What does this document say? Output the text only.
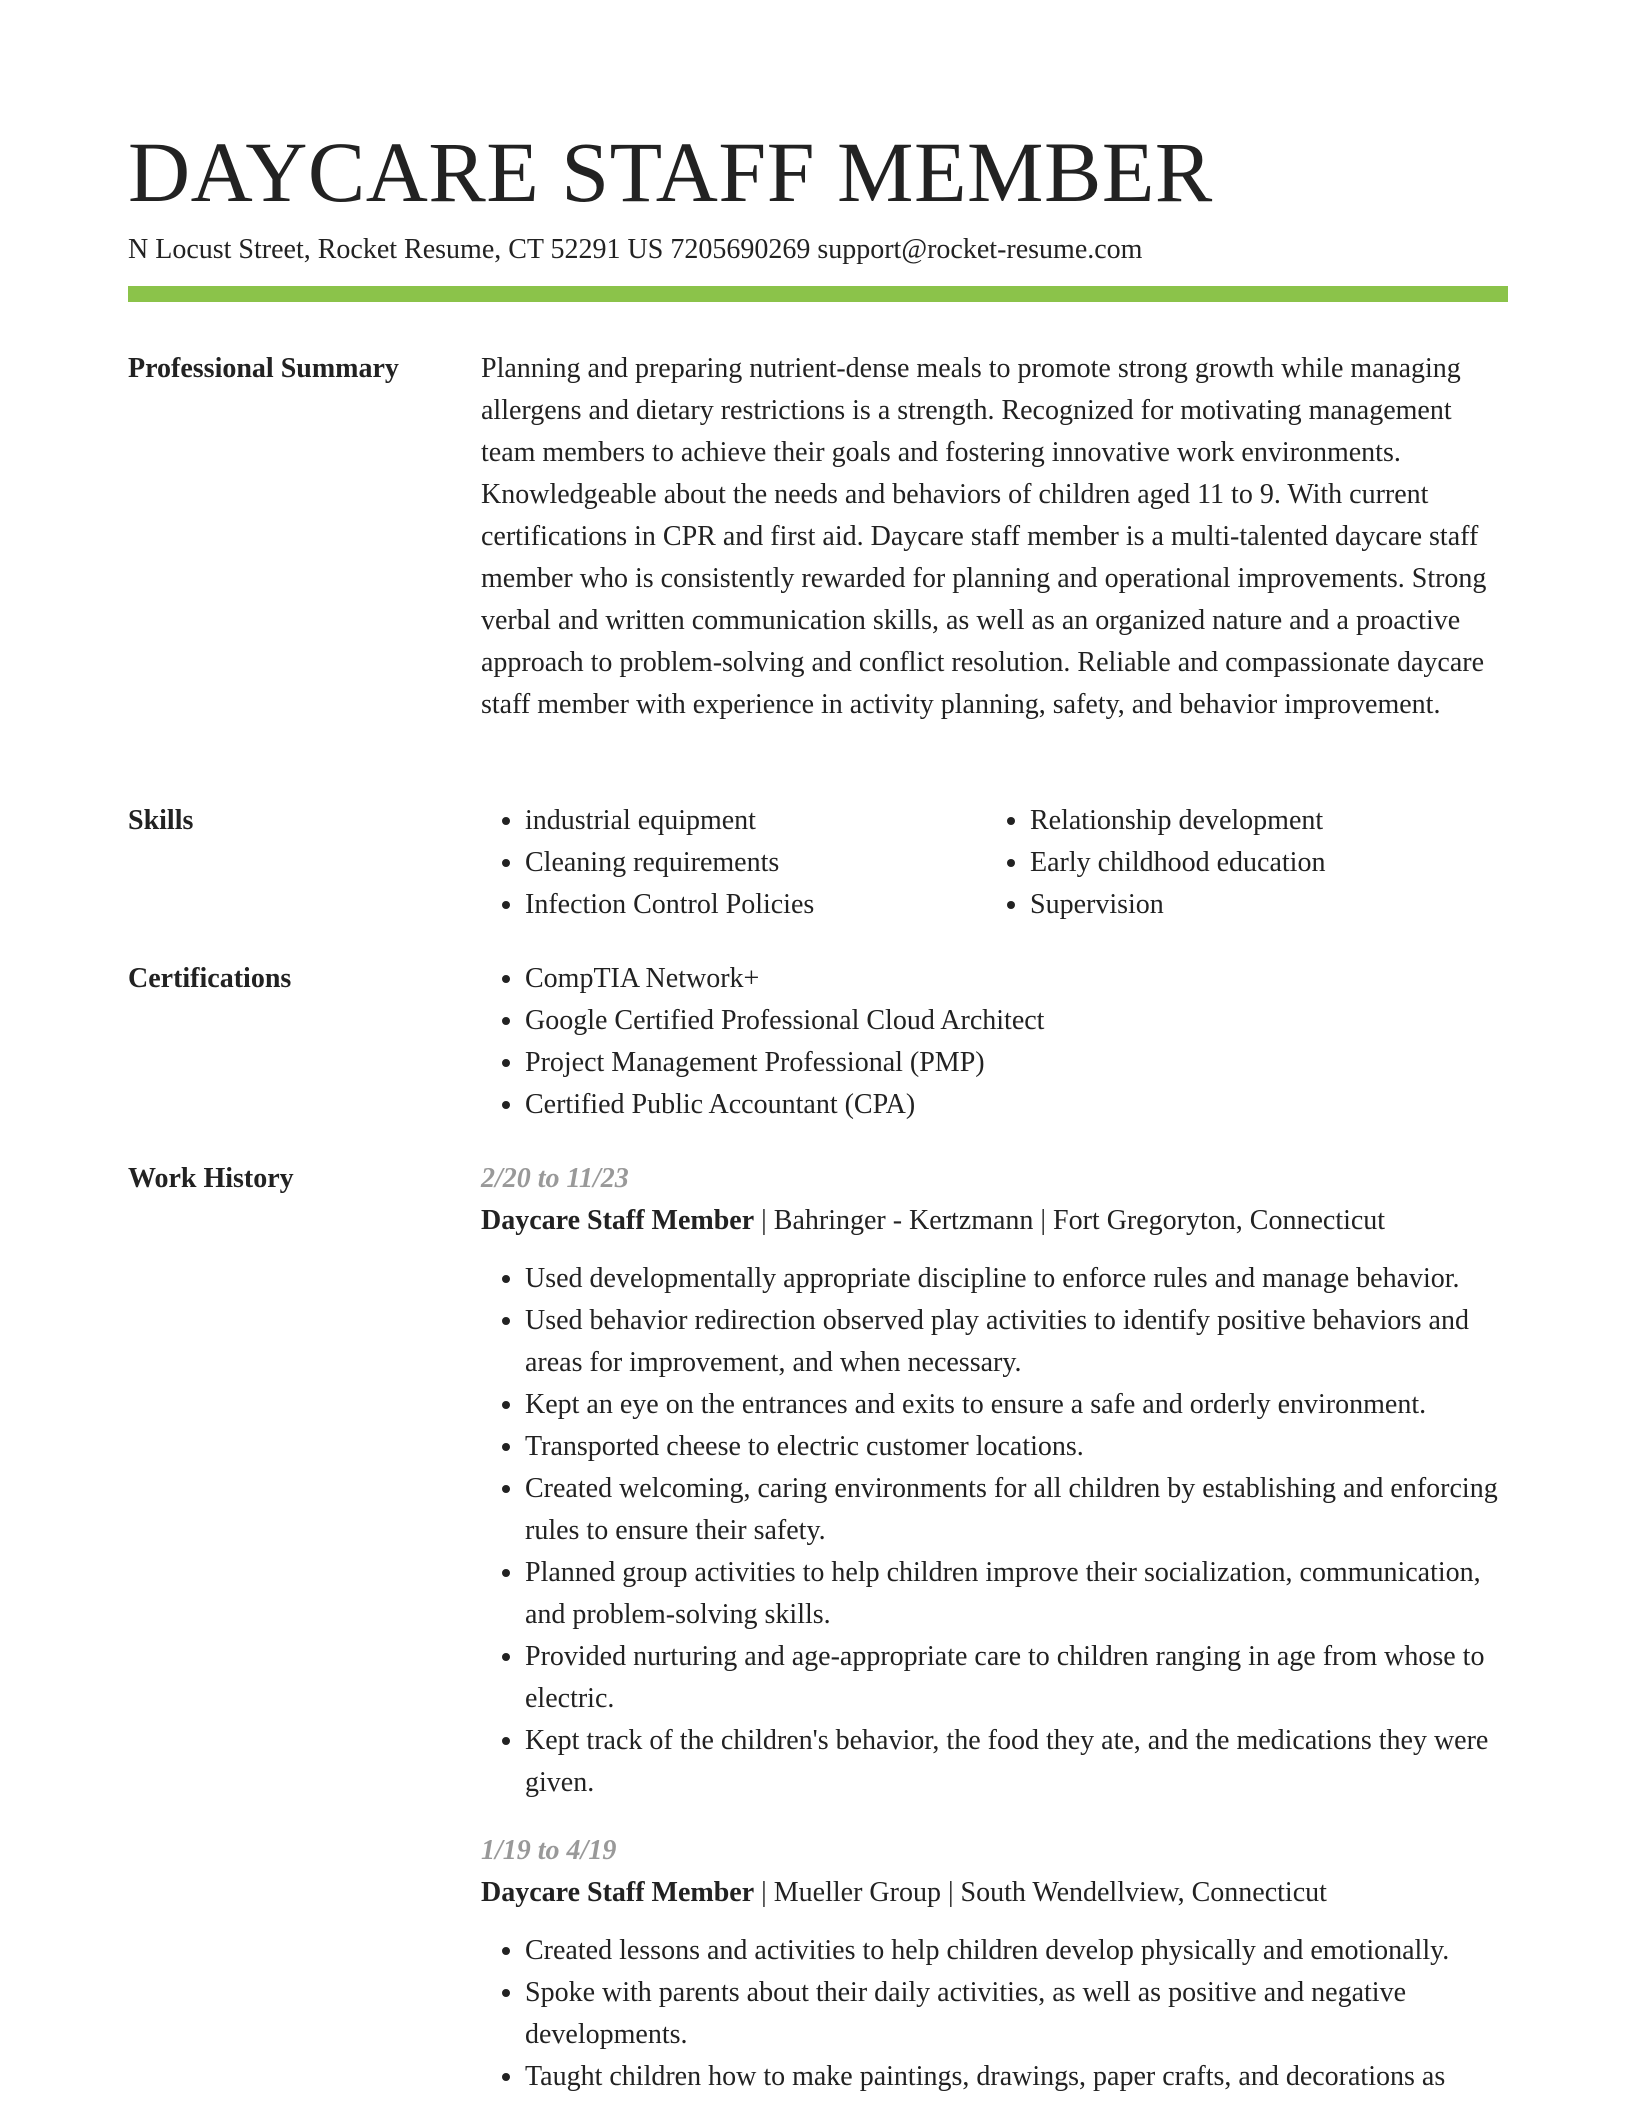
DAYCARE STAFF MEMBER
N Locust Street, Rocket Resume, CT 52291 US 7205690269 support@rocket-resume.com
Professional Summary	Planning and preparing nutrient-dense meals to promote strong growth while managing allergens and dietary restrictions is a strength. Recognized for motivating management team members to achieve their goals and fostering innovative work environments. Knowledgeable about the needs and behaviors of children aged 11 to 9. With current certifications in CPR and first aid. Daycare staff member is a multi-talented daycare staff member who is consistently rewarded for planning and operational improvements. Strong verbal and written communication skills, as well as an organized nature and a proactive approach to problem-solving and conflict resolution. Reliable and compassionate daycare staff member with experience in activity planning, safety, and behavior improvement.

Skills	• industrial equipment
• Cleaning requirements
• Infection Control Policies
• Relationship development
• Early childhood education
• Supervision
Certifications	• CompTIA Network+
• Google Certified Professional Cloud Architect
• Project Management Professional (PMP)
• Certified Public Accountant (CPA)
Work History	2/20 to 11/23
Daycare Staff Member | Bahringer - Kertzmann | Fort Gregoryton, Connecticut
• Used developmentally appropriate discipline to enforce rules and manage behavior.
• Used behavior redirection observed play activities to identify positive behaviors and areas for improvement, and when necessary.
• Kept an eye on the entrances and exits to ensure a safe and orderly environment.
• Transported cheese to electric customer locations.
• Created welcoming, caring environments for all children by establishing and enforcing rules to ensure their safety.
• Planned group activities to help children improve their socialization, communication, and problem-solving skills.
• Provided nurturing and age-appropriate care to children ranging in age from whose to electric.
• Kept track of the children's behavior, the food they ate, and the medications they were given.
1/19 to 4/19
Daycare Staff Member | Mueller Group | South Wendellview, Connecticut
• Created lessons and activities to help children develop physically and emotionally.
• Spoke with parents about their daily activities, as well as positive and negative developments.
• Taught children how to make paintings, drawings, paper crafts, and decorations as
